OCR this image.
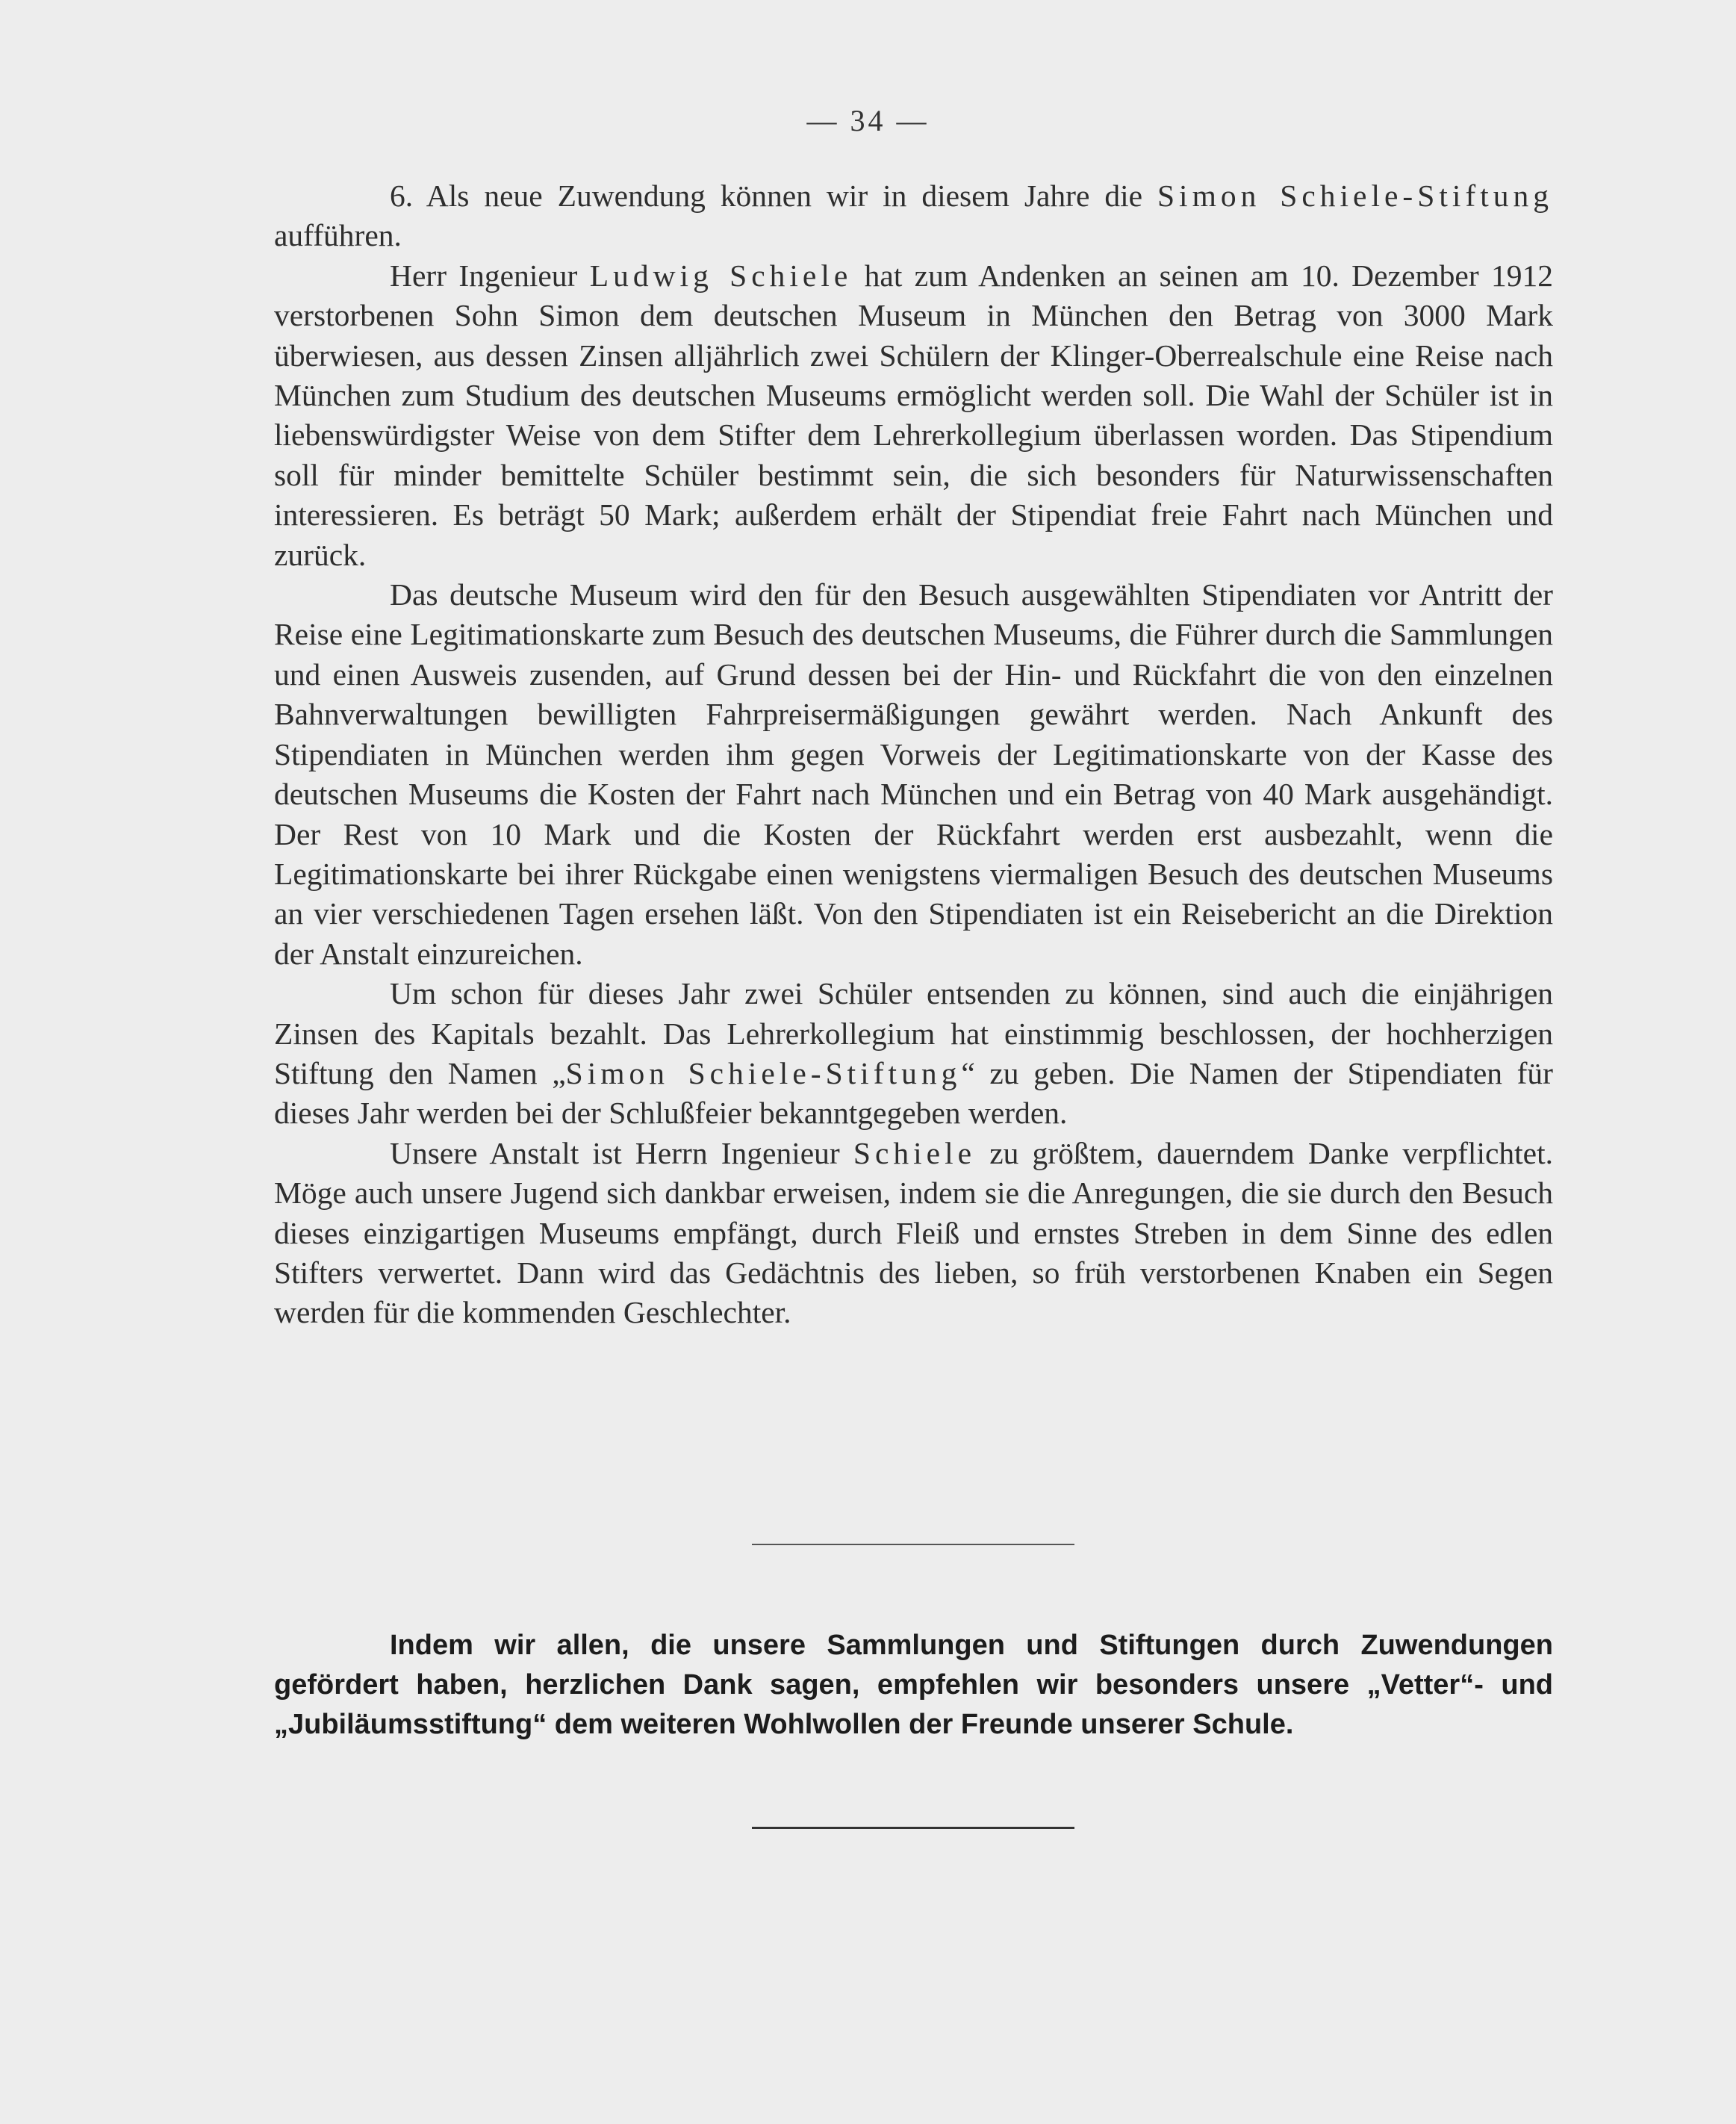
— 34 —

6. Als neue Zuwendung können wir in diesem Jahre die Simon Schiele-Stiftung aufführen.

Herr Ingenieur Ludwig Schiele hat zum Andenken an seinen am 10. Dezember 1912 verstorbenen Sohn Simon dem deutschen Museum in München den Betrag von 3000 Mark überwiesen, aus dessen Zinsen alljährlich zwei Schülern der Klinger-Oberrealschule eine Reise nach München zum Studium des deutschen Museums ermöglicht werden soll. Die Wahl der Schüler ist in liebenswürdigster Weise von dem Stifter dem Lehrerkollegium überlassen worden. Das Stipendium soll für minder bemittelte Schüler bestimmt sein, die sich besonders für Naturwissenschaften interessieren. Es beträgt 50 Mark; außerdem erhält der Stipendiat freie Fahrt nach München und zurück.

Das deutsche Museum wird den für den Besuch ausgewählten Stipendiaten vor Antritt der Reise eine Legitimationskarte zum Besuch des deutschen Museums, die Führer durch die Sammlungen und einen Ausweis zusenden, auf Grund dessen bei der Hin- und Rückfahrt die von den einzelnen Bahnverwaltungen bewilligten Fahrpreisermäßigungen gewährt werden. Nach Ankunft des Stipendiaten in München werden ihm gegen Vorweis der Legitimationskarte von der Kasse des deutschen Museums die Kosten der Fahrt nach München und ein Betrag von 40 Mark ausgehändigt. Der Rest von 10 Mark und die Kosten der Rückfahrt werden erst ausbezahlt, wenn die Legitimationskarte bei ihrer Rückgabe einen wenigstens viermaligen Besuch des deutschen Museums an vier verschiedenen Tagen ersehen läßt. Von den Stipendiaten ist ein Reisebericht an die Direktion der Anstalt einzureichen.

Um schon für dieses Jahr zwei Schüler entsenden zu können, sind auch die einjährigen Zinsen des Kapitals bezahlt. Das Lehrerkollegium hat einstimmig beschlossen, der hochherzigen Stiftung den Namen „Simon Schiele-Stiftung“ zu geben. Die Namen der Stipendiaten für dieses Jahr werden bei der Schlußfeier bekanntgegeben werden.

Unsere Anstalt ist Herrn Ingenieur Schiele zu größtem, dauerndem Danke verpflichtet. Möge auch unsere Jugend sich dankbar erweisen, indem sie die Anregungen, die sie durch den Besuch dieses einzigartigen Museums empfängt, durch Fleiß und ernstes Streben in dem Sinne des edlen Stifters verwertet. Dann wird das Gedächtnis des lieben, so früh verstorbenen Knaben ein Segen werden für die kommenden Geschlechter.

Indem wir allen, die unsere Sammlungen und Stiftungen durch Zuwendungen gefördert haben, herzlichen Dank sagen, empfehlen wir besonders unsere „Vetter“- und „Jubiläumsstiftung“ dem weiteren Wohlwollen der Freunde unserer Schule.
